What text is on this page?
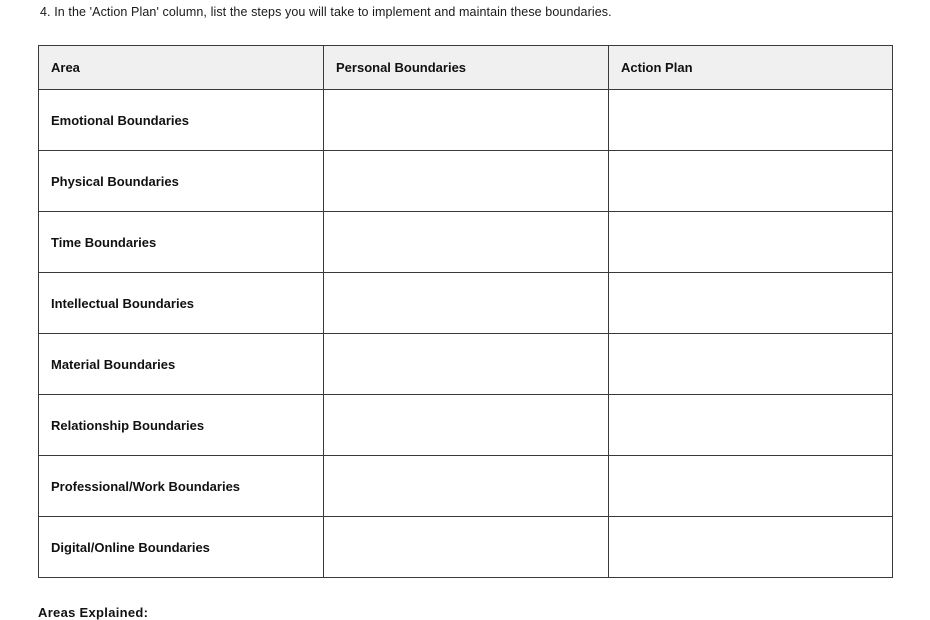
4. In the 'Action Plan' column, list the steps you will take to implement and maintain these boundaries.
Area	Personal Boundaries	Action Plan
Emotional Boundaries		
Physical Boundaries		
Time Boundaries		
Intellectual Boundaries		
Material Boundaries		
Relationship Boundaries		
Professional/Work Boundaries		
Digital/Online Boundaries		
Areas Explained:
